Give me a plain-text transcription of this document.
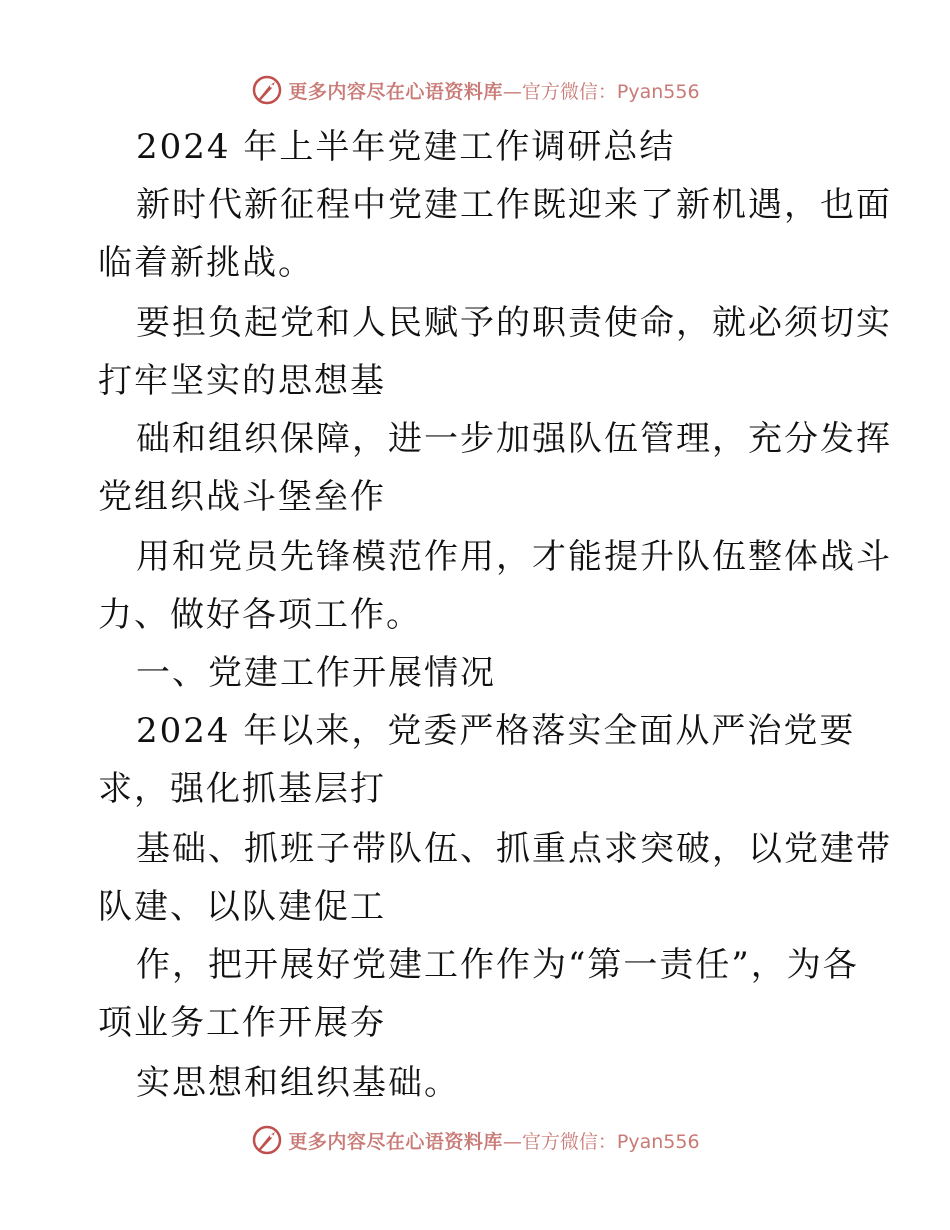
更多内容尽在心语资料库 —官方微信：Pyan556
2024 年上半年党建工作调研总结
新时代新征程中党建工作既迎来了新机遇，也面
临着新挑战。
要担负起党和人民赋予的职责使命，就必须切实
打牢坚实的思想基
础和组织保障，进一步加强队伍管理，充分发挥
党组织战斗堡垒作
用和党员先锋模范作用，才能提升队伍整体战斗
力、做好各项工作。
一、党建工作开展情况
2024 年以来，党委严格落实全面从严治党要
求，强化抓基层打
基础、抓班子带队伍、抓重点求突破，以党建带
队建、以队建促工
作，把开展好党建工作作为“第一责任”，为各
项业务工作开展夯
实思想和组织基础。
更多内容尽在心语资料库 —官方微信：Pyan556
